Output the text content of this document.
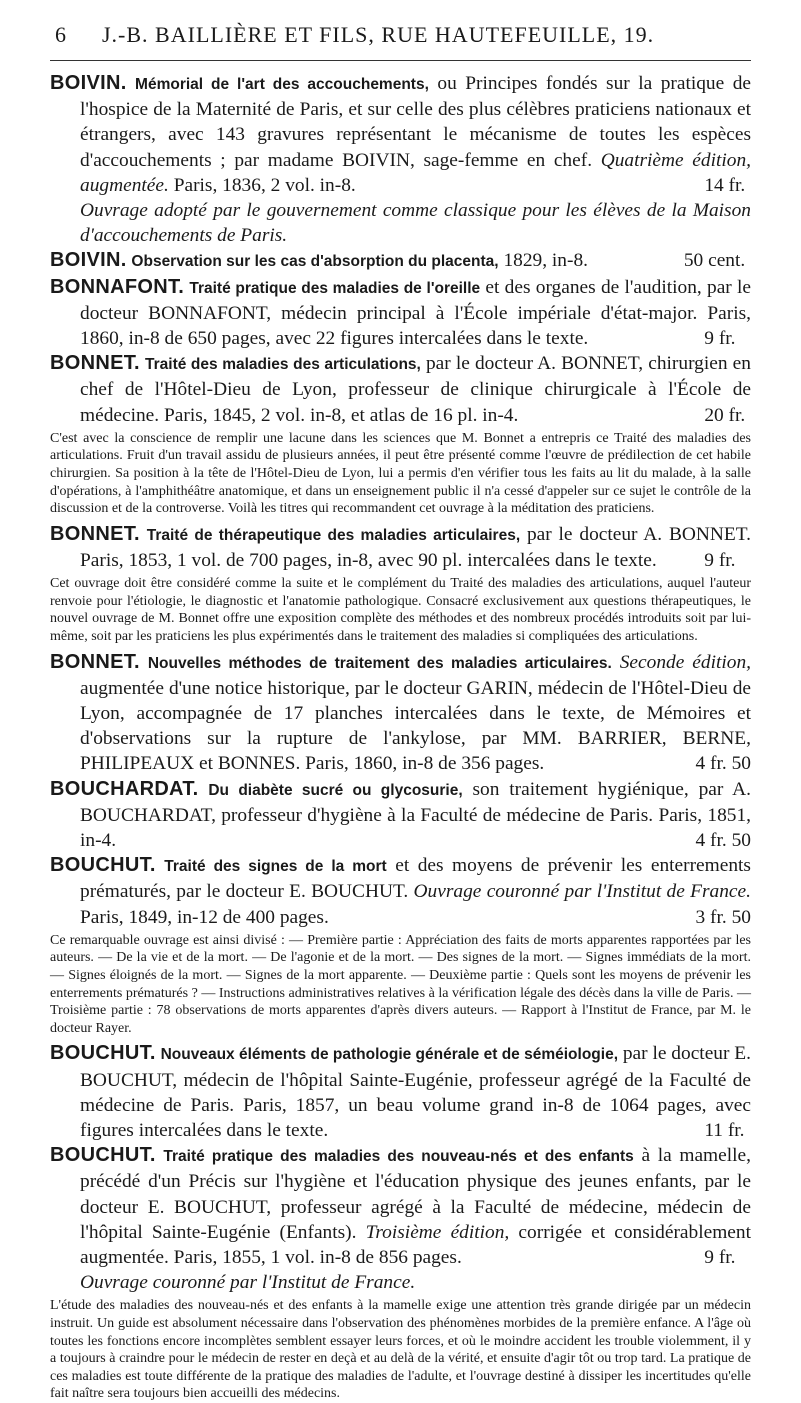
6 J.-B. BAILLIÈRE ET FILS, RUE HAUTEFEUILLE, 19.

BOIVIN. Mémorial de l'art des accouchements, ou Principes fondés sur la pratique de l'hospice de la Maternité de Paris, et sur celle des plus célèbres praticiens nationaux et étrangers, avec 143 gravures représentant le mécanisme de toutes les espèces d'accouchements ; par madame BOIVIN, sage-femme en chef. Quatrième édition, augmentée. Paris, 1836, 2 vol. in-8.	14 fr.

Ouvrage adopté par le gouvernement comme classique pour les élèves de la Maison d'accouchements de Paris.

BOIVIN. Observation sur les cas d'absorption du placenta, 1829, in-8.	50 cent.

BONNAFONT. Traité pratique des maladies de l'oreille et des organes de l'audition, par le docteur BONNAFONT, médecin principal à l'École impériale d'état-major. Paris, 1860, in-8 de 650 pages, avec 22 figures intercalées dans le texte.	9 fr.

BONNET. Traité des maladies des articulations, par le docteur A. BONNET, chirurgien en chef de l'Hôtel-Dieu de Lyon, professeur de clinique chirurgicale à l'École de médecine. Paris, 1845, 2 vol. in-8, et atlas de 16 pl. in-4.	20 fr.

C'est avec la conscience de remplir une lacune dans les sciences que M. Bonnet a entrepris ce Traité des maladies des articulations. Fruit d'un travail assidu de plusieurs années, il peut être présenté comme l'œuvre de prédilection de cet habile chirurgien. Sa position à la tête de l'Hôtel-Dieu de Lyon, lui a permis d'en vérifier tous les faits au lit du malade, à la salle d'opérations, à l'amphithéâtre anatomique, et dans un enseignement public il n'a cessé d'appeler sur ce sujet le contrôle de la discussion et de la controverse. Voilà les titres qui recommandent cet ouvrage à la méditation des praticiens.

BONNET. Traité de thérapeutique des maladies articulaires, par le docteur A. BONNET. Paris, 1853, 1 vol. de 700 pages, in-8, avec 90 pl. intercalées dans le texte. 9 fr.

Cet ouvrage doit être considéré comme la suite et le complément du Traité des maladies des articulations, auquel l'auteur renvoie pour l'étiologie, le diagnostic et l'anatomie pathologique. Consacré exclusivement aux questions thérapeutiques, le nouvel ouvrage de M. Bonnet offre une exposition complète des méthodes et des nombreux procédés introduits soit par lui-même, soit par les praticiens les plus expérimentés dans le traitement des maladies si compliquées des articulations.

BONNET. Nouvelles méthodes de traitement des maladies articulaires. Seconde édition, augmentée d'une notice historique, par le docteur GARIN, médecin de l'Hôtel-Dieu de Lyon, accompagnée de 17 planches intercalées dans le texte, de Mémoires et d'observations sur la rupture de l'ankylose, par MM. BARRIER, BERNE, PHILIPEAUX et BONNES. Paris, 1860, in-8 de 356 pages.	4 fr. 50

BOUCHARDAT. Du diabète sucré ou glycosurie, son traitement hygiénique, par A. BOUCHARDAT, professeur d'hygiène à la Faculté de médecine de Paris. Paris, 1851, in-4.	4 fr. 50

BOUCHUT. Traité des signes de la mort et des moyens de prévenir les enterrements prématurés, par le docteur E. BOUCHUT. Ouvrage couronné par l'Institut de France. Paris, 1849, in-12 de 400 pages.	3 fr. 50

Ce remarquable ouvrage est ainsi divisé : — Première partie : Appréciation des faits de morts apparentes rapportées par les auteurs. — De la vie et de la mort. — De l'agonie et de la mort. — Des signes de la mort. — Signes immédiats de la mort. — Signes éloignés de la mort. — Signes de la mort apparente. — Deuxième partie : Quels sont les moyens de prévenir les enterrements prématurés ? — Instructions administratives relatives à la vérification légale des décès dans la ville de Paris. — Troisième partie : 78 observations de morts apparentes d'après divers auteurs. — Rapport à l'Institut de France, par M. le docteur Rayer.

BOUCHUT. Nouveaux éléments de pathologie générale et de séméiologie, par le docteur E. BOUCHUT, médecin de l'hôpital Sainte-Eugénie, professeur agrégé de la Faculté de médecine de Paris. Paris, 1857, un beau volume grand in-8 de 1064 pages, avec figures intercalées dans le texte.	11 fr.

BOUCHUT. Traité pratique des maladies des nouveau-nés et des enfants à la mamelle, précédé d'un Précis sur l'hygiène et l'éducation physique des jeunes enfants, par le docteur E. BOUCHUT, professeur agrégé à la Faculté de médecine, médecin de l'hôpital Sainte-Eugénie (Enfants). Troisième édition, corrigée et considérablement augmentée. Paris, 1855, 1 vol. in-8 de 856 pages.	9 fr.

Ouvrage couronné par l'Institut de France.

L'étude des maladies des nouveau-nés et des enfants à la mamelle exige une attention très grande dirigée par un médecin instruit. Un guide est absolument nécessaire dans l'observation des phénomènes morbides de la première enfance. A l'âge où toutes les fonctions encore incomplètes semblent essayer leurs forces, et où le moindre accident les trouble violemment, il y a toujours à craindre pour le médecin de rester en deçà et au delà de la vérité, et ensuite d'agir tôt ou trop tard. La pratique de ces maladies est toute différente de la pratique des maladies de l'adulte, et l'ouvrage destiné à dissiper les incertitudes qu'elle fait naître sera toujours bien accueilli des médecins.
